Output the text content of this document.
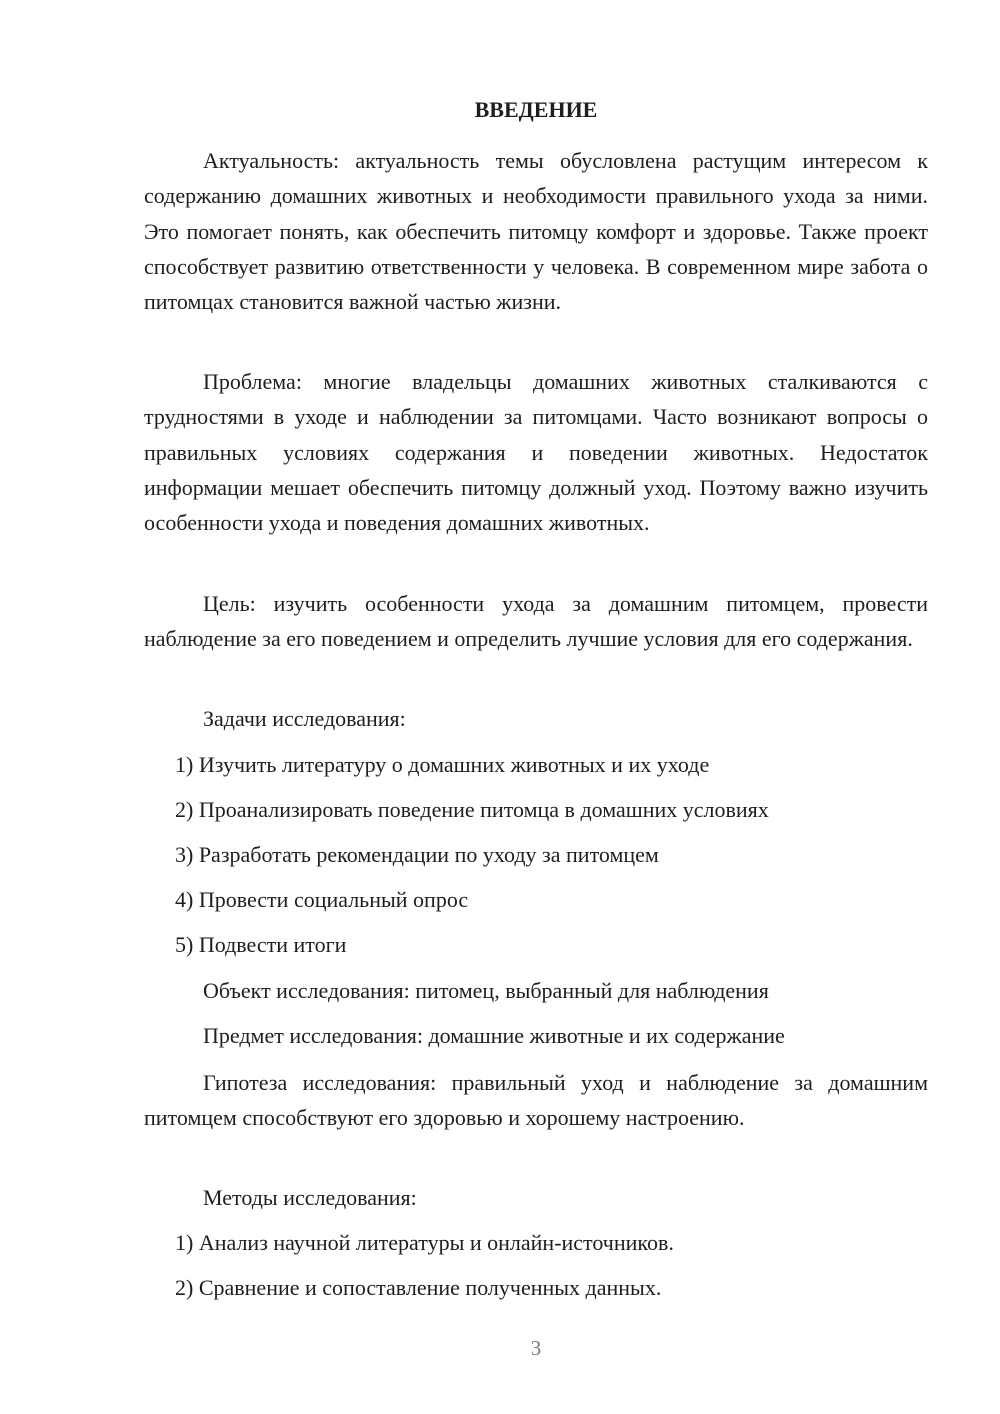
ВВЕДЕНИЕ

Актуальность: актуальность темы обусловлена растущим интересом к содержанию домашних животных и необходимости правильного ухода за ними. Это помогает понять, как обеспечить питомцу комфорт и здоровье. Также проект способствует развитию ответственности у человека. В современном мире забота о питомцах становится важной частью жизни.

Проблема: многие владельцы домашних животных сталкиваются с трудностями в уходе и наблюдении за питомцами. Часто возникают вопросы о правильных условиях содержания и поведении животных. Недостаток информации мешает обеспечить питомцу должный уход. Поэтому важно изучить особенности ухода и поведения домашних животных.

Цель: изучить особенности ухода за домашним питомцем, провести наблюдение за его поведением и определить лучшие условия для его содержания.

Задачи исследования:
1) Изучить литературу о домашних животных и их уходе
2) Проанализировать поведение питомца в домашних условиях
3) Разработать рекомендации по уходу за питомцем
4) Провести социальный опрос
5) Подвести итоги
Объект исследования: питомец, выбранный для наблюдения
Предмет исследования: домашние животные и их содержание

Гипотеза исследования: правильный уход и наблюдение за домашним питомцем способствуют его здоровью и хорошему настроению.

Методы исследования:
1) Анализ научной литературы и онлайн-источников.
2) Сравнение и сопоставление полученных данных.
3
